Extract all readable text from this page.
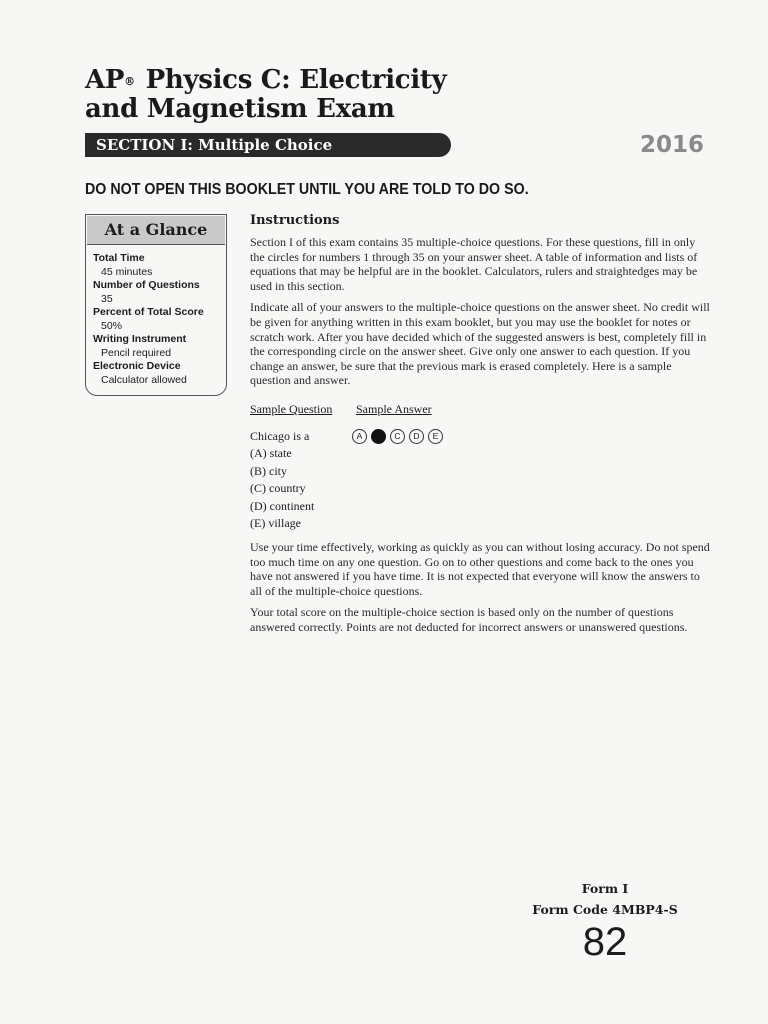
AP® Physics C: Electricity
and Magnetism Exam
SECTION I: Multiple Choice	2016
DO NOT OPEN THIS BOOKLET UNTIL YOU ARE TOLD TO DO SO.
At a Glance
Total Time
45 minutes
Number of Questions
35
Percent of Total Score
50%
Writing Instrument
Pencil required
Electronic Device
Calculator allowed
Instructions

Section I of this exam contains 35 multiple-choice questions. For these questions, fill in only the circles for numbers 1 through 35 on your answer sheet. A table of information and lists of equations that may be helpful are in the booklet. Calculators, rulers and straightedges may be used in this section.

Indicate all of your answers to the multiple-choice questions on the answer sheet. No credit will be given for anything written in this exam booklet, but you may use the booklet for notes or scratch work. After you have decided which of the suggested answers is best, completely fill in the corresponding circle on the answer sheet. Give only one answer to each question. If you change an answer, be sure that the previous mark is erased completely. Here is a sample question and answer.

Sample Question Sample Answer
Chicago is a
(A) state
(B) city
(C) country
(D) continent
(E) village
A	C	D	E

Use your time effectively, working as quickly as you can without losing accuracy. Do not spend too much time on any one question. Go on to other questions and come back to the ones you have not answered if you have time. It is not expected that everyone will know the answers to all of the multiple-choice questions.

Your total score on the multiple-choice section is based only on the number of questions answered correctly. Points are not deducted for incorrect answers or unanswered questions.

Form I
Form Code 4MBP4-S
82
